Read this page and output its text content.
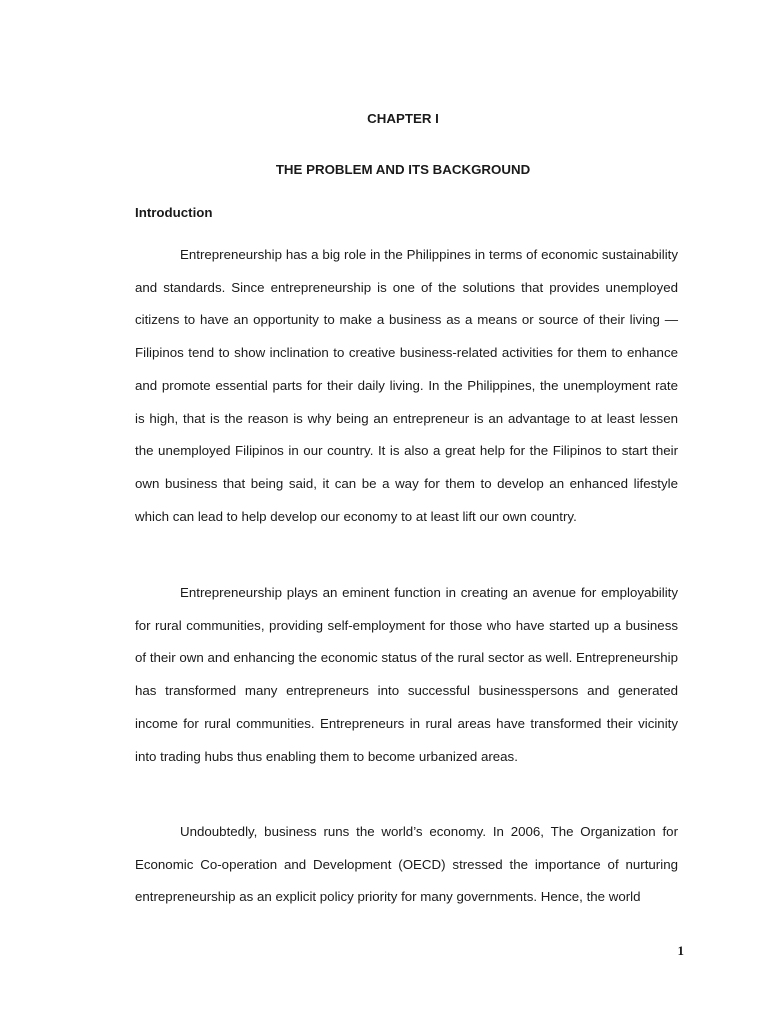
CHAPTER I
THE PROBLEM AND ITS BACKGROUND
Introduction

Entrepreneurship has a big role in the Philippines in terms of economic sustainability and standards. Since entrepreneurship is one of the solutions that provides unemployed citizens to have an opportunity to make a business as a means or source of their living —Filipinos tend to show inclination to creative business-related activities for them to enhance and promote essential parts for their daily living. In the Philippines, the unemployment rate is high, that is the reason is why being an entrepreneur is an advantage to at least lessen the unemployed Filipinos in our country. It is also a great help for the Filipinos to start their own business that being said, it can be a way for them to develop an enhanced lifestyle which can lead to help develop our economy to at least lift our own country.

Entrepreneurship plays an eminent function in creating an avenue for employability for rural communities, providing self-employment for those who have started up a business of their own and enhancing the economic status of the rural sector as well. Entrepreneurship has transformed many entrepreneurs into successful businesspersons and generated income for rural communities. Entrepreneurs in rural areas have transformed their vicinity into trading hubs thus enabling them to become urbanized areas.

Undoubtedly, business runs the world’s economy. In 2006, The Organization for Economic Co-operation and Development (OECD) stressed the importance of nurturing entrepreneurship as an explicit policy priority for many governments. Hence, the world

1
